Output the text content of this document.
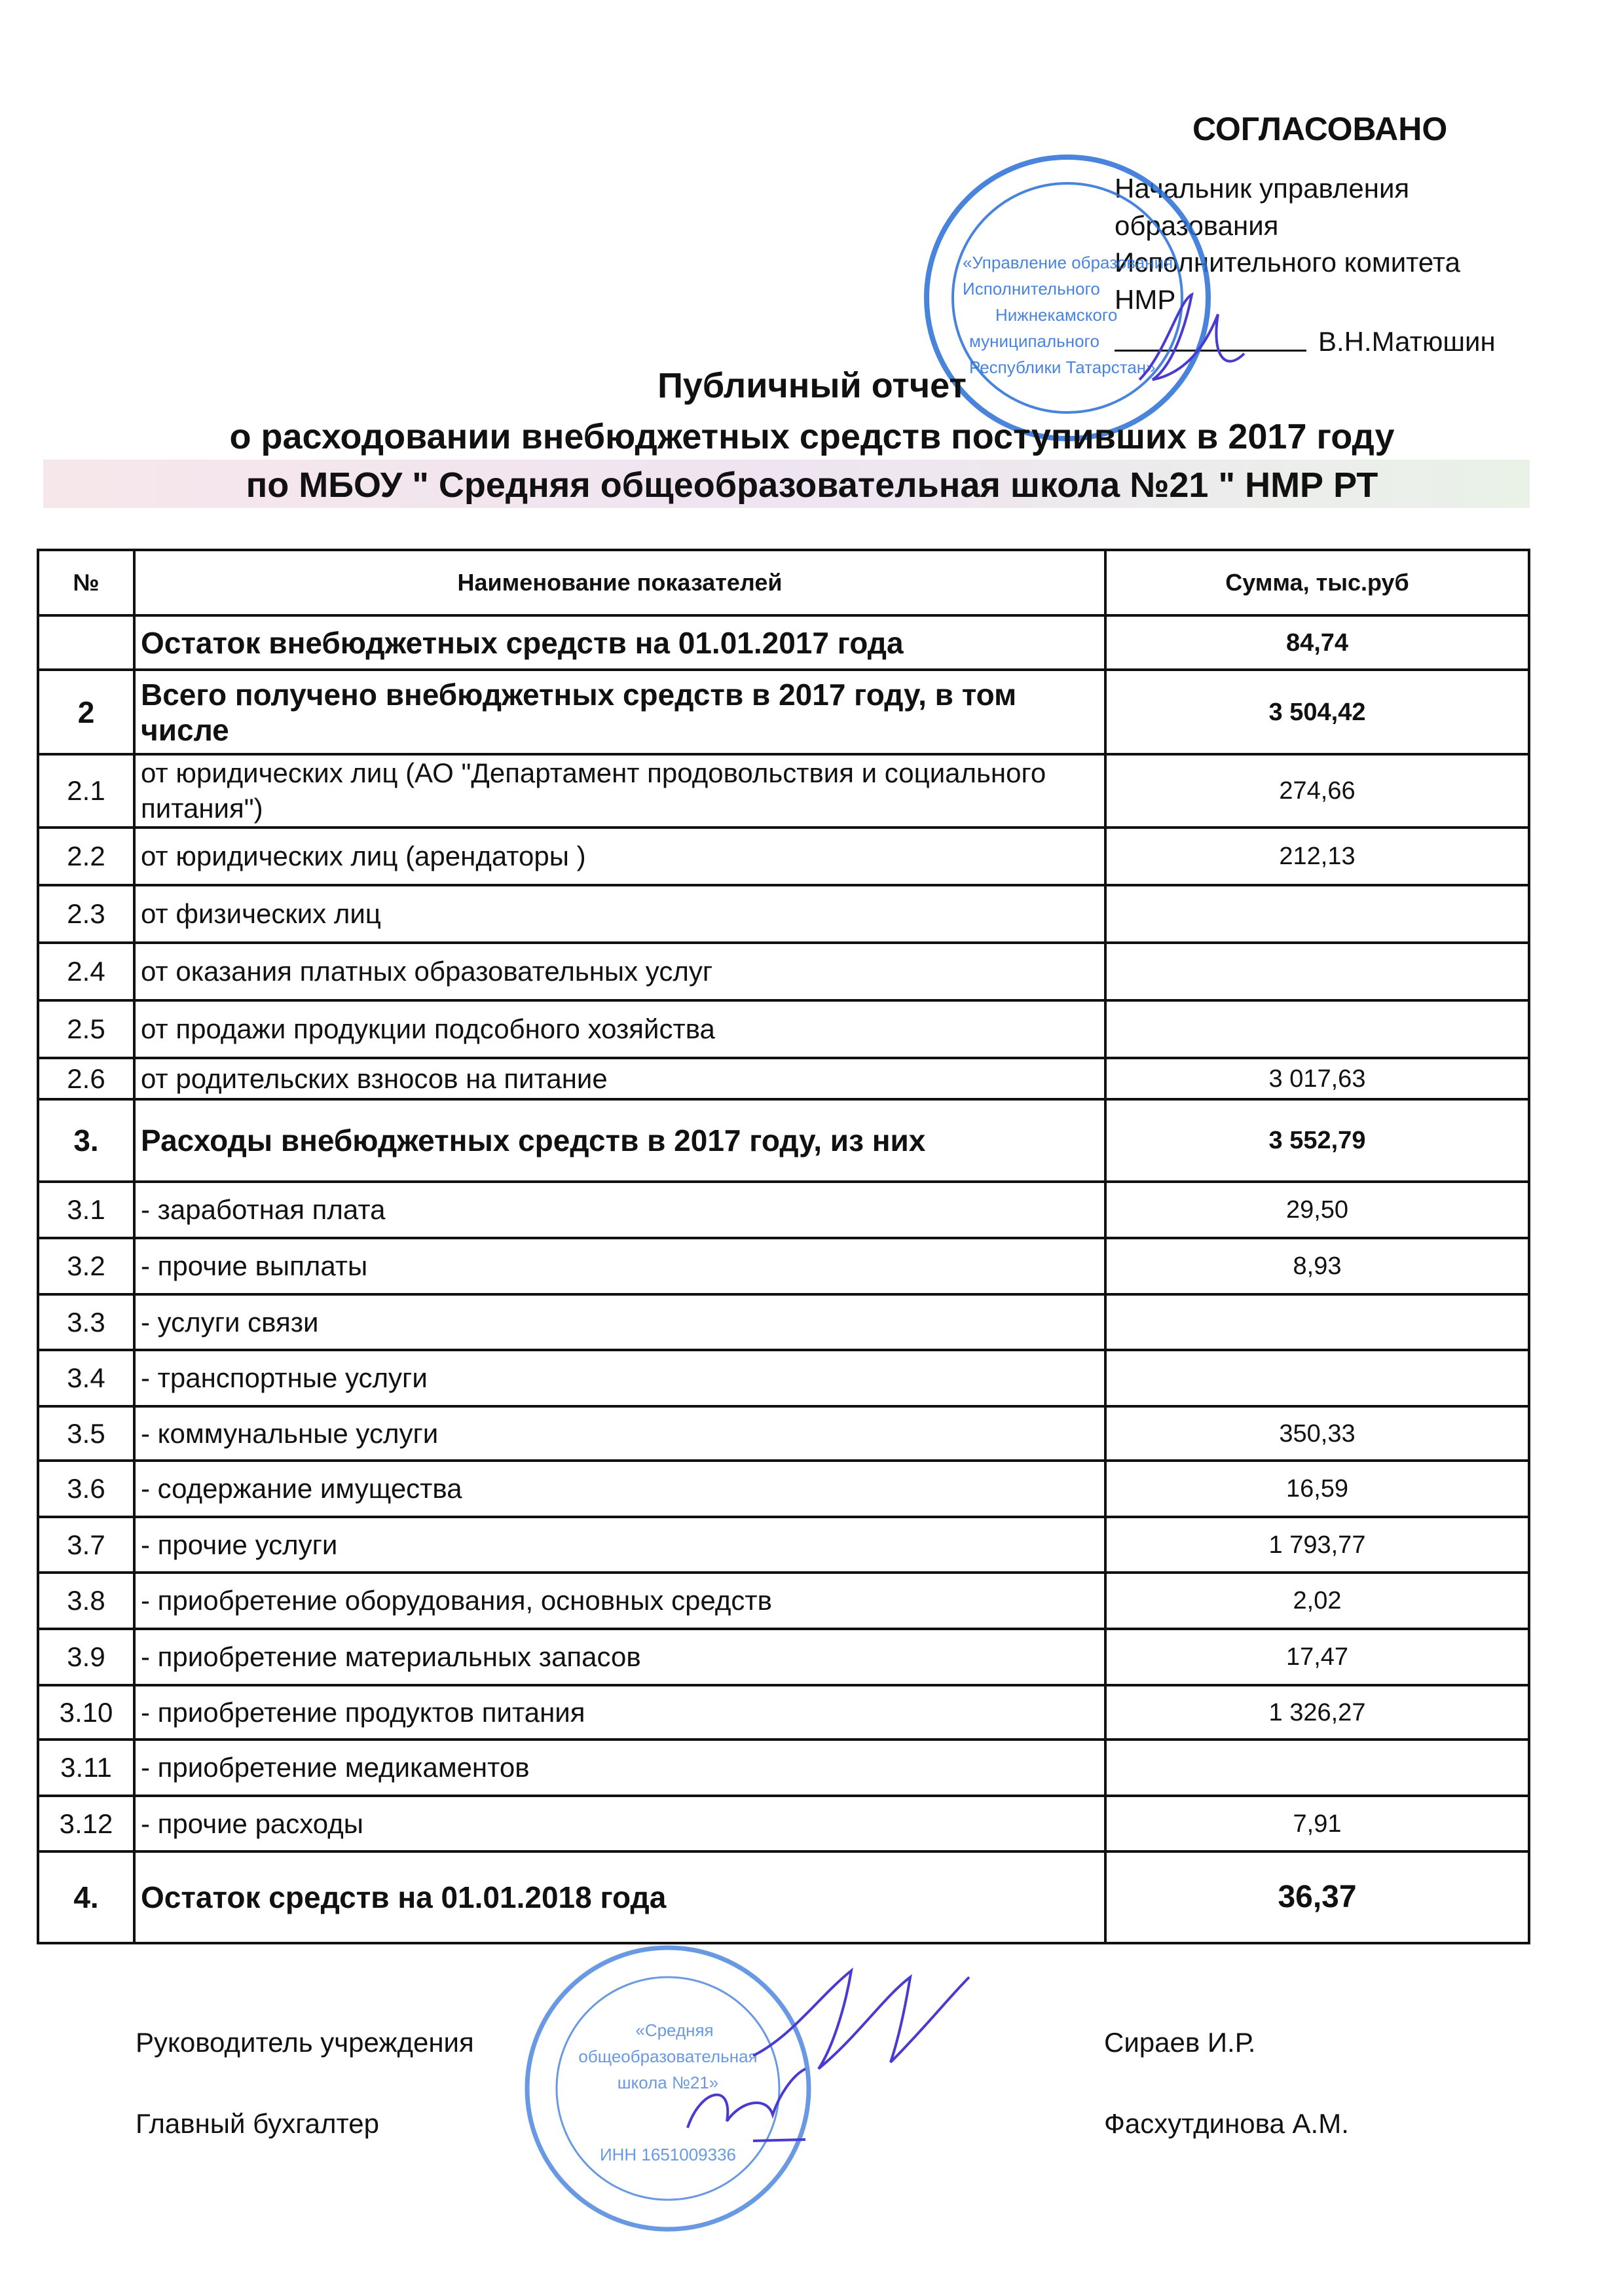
СОГЛАСОВАНО
Начальник управления
образования
Исполнительного комитета
НМР
В.Н.Матюшин
«Управление образования
Исполнительного
Нижнекамского
муниципального
Республики Татарстан»
Публичный отчет
о расходовании внебюджетных средств поступивших в 2017 году
по МБОУ " Средняя общеобразовательная школа №21 " НМР РТ
№	Наименование показателей	Сумма, тыс.руб
	Остаток внебюджетных средств на 01.01.2017 года	84,74
2	Всего получено внебюджетных средств в 2017 году, в том числе	3 504,42
2.1	от юридических лиц (АО "Департамент продовольствия и социального питания")	274,66
2.2	от юридических лиц (арендаторы )	212,13
2.3	от физических лиц	
2.4	от оказания платных образовательных услуг	
2.5	от продажи продукции подсобного хозяйства	
2.6	от родительских взносов на питание	3 017,63
3.	Расходы внебюджетных средств в 2017 году, из них	3 552,79
3.1	- заработная плата	29,50
3.2	- прочие выплаты	8,93
3.3	- услуги связи	
3.4	- транспортные услуги	
3.5	- коммунальные услуги	350,33
3.6	- содержание имущества	16,59
3.7	- прочие услуги	1 793,77
3.8	- приобретение оборудования, основных средств	2,02
3.9	- приобретение материальных запасов	17,47
3.10	- приобретение продуктов питания	1 326,27
3.11	- приобретение медикаментов	
3.12	- прочие расходы	7,91
4.	Остаток средств на 01.01.2018 года	36,37
«Средняя
общеобразовательная
школа №21»
ИНН 1651009336
Руководитель учреждения	Сираев И.Р.
Главный бухгалтер	Фасхутдинова А.М.
